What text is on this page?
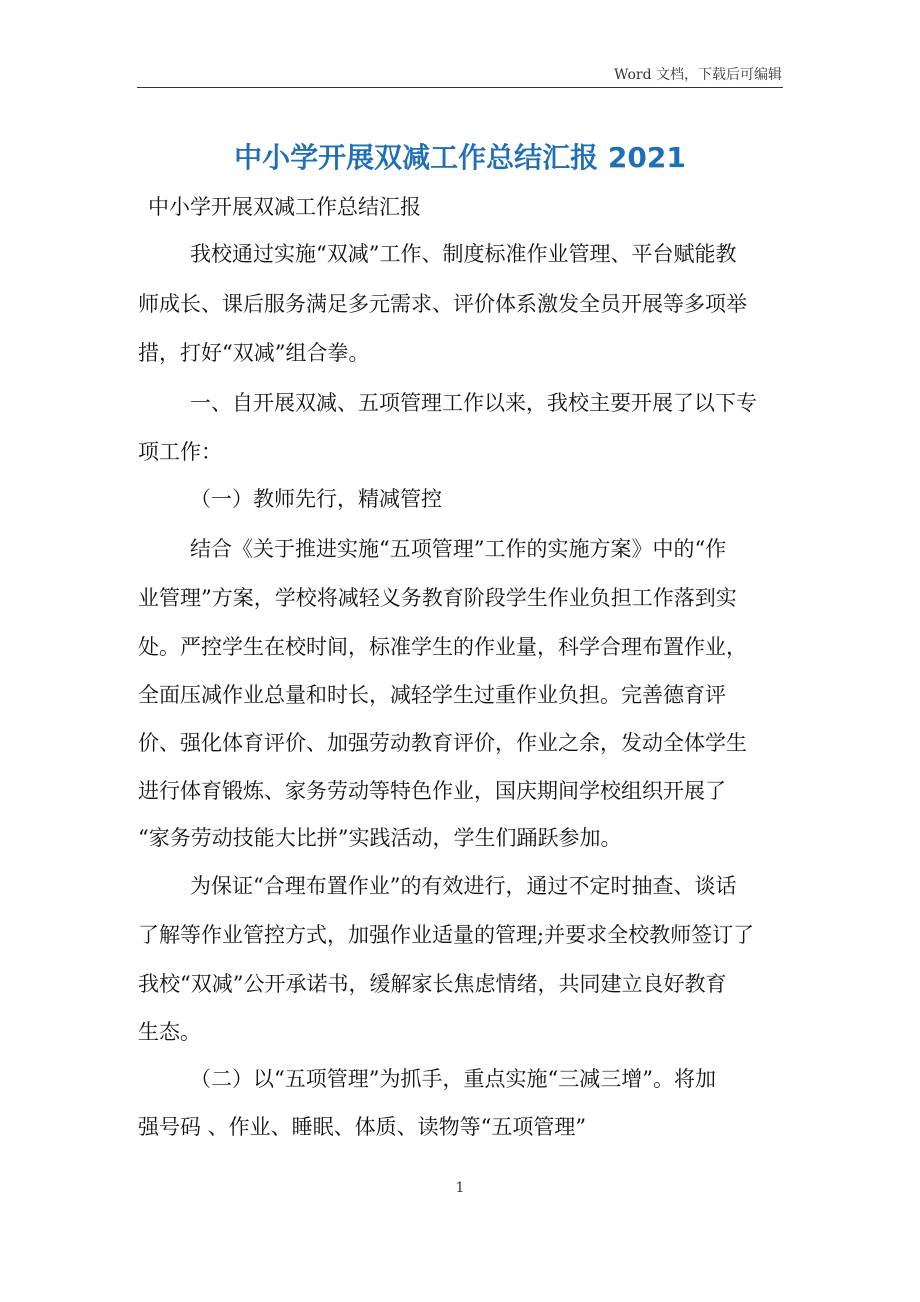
Word 文档，下载后可编辑
中小学开展双减工作总结汇报 2021
中小学开展双减工作总结汇报
我校通过实施“双减”工作、制度标准作业管理、平台赋能教
师成长、课后服务满足多元需求、评价体系激发全员开展等多项举
措，打好“双减”组合拳。
一、自开展双减、五项管理工作以来，我校主要开展了以下专
项工作：
（一）教师先行，精减管控
结合《关于推进实施“五项管理”工作的实施方案》中的“作
业管理”方案，学校将减轻义务教育阶段学生作业负担工作落到实
处。严控学生在校时间，标准学生的作业量，科学合理布置作业，
全面压减作业总量和时长，减轻学生过重作业负担。完善德育评
价、强化体育评价、加强劳动教育评价，作业之余，发动全体学生
进行体育锻炼、家务劳动等特色作业，国庆期间学校组织开展了
“家务劳动技能大比拼”实践活动，学生们踊跃参加。
为保证“合理布置作业”的有效进行，通过不定时抽查、谈话
了解等作业管控方式，加强作业适量的管理;并要求全校教师签订了
我校“双减”公开承诺书，缓解家长焦虑情绪，共同建立良好教育
生态。
（二）以“五项管理”为抓手，重点实施“三减三增”。将加
强号码 、作业、睡眠、体质、读物等“五项管理”
1
